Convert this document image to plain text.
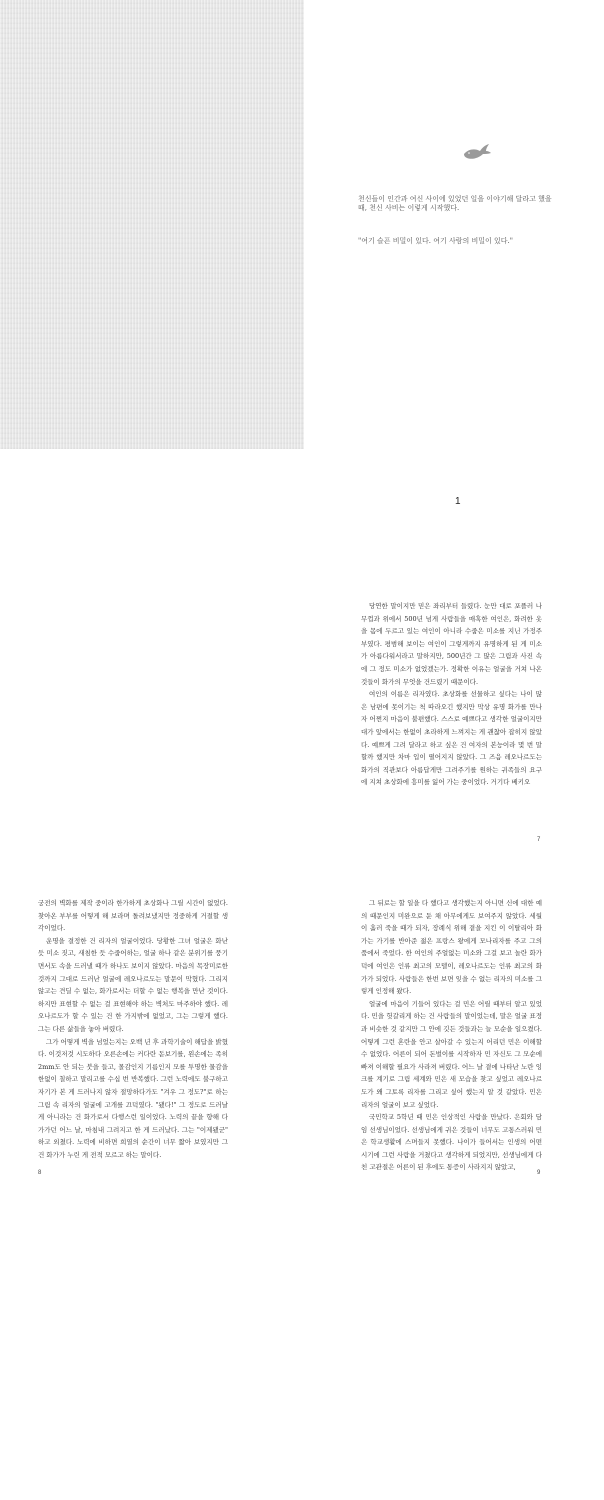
천신들이 인간과 여신 사이에 있었던 일을 이야기해 달라고 했을 때, 천신 사비는 이렇게 시작했다.

"여기 슬픈 비밀이 있다. 여기 사람의 비밀이 있다."

1

당연한 말이지만 믿은 좌리부터 들렸다. 눈만 대로 포플러 나무껍과 위에서 500년 넘게 사람들을 매혹한 여인은, 화려한 옷을 몸에 두르고 있는 여인이 아니라 수줍은 미소를 지닌 가정주부였다. 평범해 보이는 여인이 그렇게까지 유명하게 된 게 미소가 아름다워서라고 말하지만, 500년간 그 많은 그림과 사진 속에 그 정도 미소가 없었겠는가. 정확한 이유는 얼굴을 거쳐 나온 것들이 화가의 무엇을 건드렸기 때문이다.

여인의 이름은 리자였다. 초상화를 선물하고 싶다는 나이 많은 남편에 못이기는 척 따라오긴 했지만 막상 유명 화가를 만나자 어쩐지 마음이 불편했다. 스스로 예쁘다고 생각한 얼굴이지만 대가 앞에서는 한없이 초라하게 느껴지는 게 괜찮아 잡히지 않았다. 예쁘게 그려 달라고 하고 싶은 건 여자의 본능이라 몇 번 말할까 했지만 차마 입이 떨어지지 않았다. 그 즈음 레오나르도는 화가의 직관보다 아름답게만 그려주기를 원하는 귀족들의 요구에 지쳐 초상화에 흥미를 잃어 가는 중이었다. 거기다 베키오

7

궁전의 벽화를 제작 중이라 한가하게 초상화나 그릴 시간이 없었다. 찾아온 부부를 어떻게 해 보라며 돌려보냈지만 정중하게 거절할 생각이었다.

운명을 결정한 건 리자의 얼굴이었다. 당황한 그녀 얼굴은 화난 듯 미소 짓고, 새침한 듯 수줍어하는, 얼굴 하나 같은 분위기를 풍기면서도 속을 드러낼 때가 하나도 보이지 않았다. 마음의 목장미로한 것까지 그대로 드러난 얼굴에 레오나르도는 말문이 막혔다. 그리지 않고는 견딜 수 없는, 화가로서는 더할 수 없는 행복을 만난 것이다. 하지만 표현할 수 없는 걸 표현해야 하는 벽처도 마주하야 했다. 레오나르도가 할 수 있는 건 한 가지밖에 없었고, 그는 그렇게 했다. 그는 다른 삶들을 놓아 버렸다.

그가 어떻게 벽을 넘었는지는 오백 년 후 과학기술이 해답을 밝혔다. 이것저것 시도하다 오른손에는 커다란 돋보기를, 왼손에는 족히 2mm도 안 되는 붓을 들고, 몰감인지 기름인지 모를 투명한 물감을 한없이 칠하고 말리고를 수십 번 반복했다. 그런 노력에도 불구하고 자기가 본 게 드러나지 않자 절망하다가도 "겨우 그 정도?"로 하는 그림 속 리자의 얼굴에 고개를 끄덕였다. "됐다!" 그 정도로 드러날 게 아니라는 건 화가로서 다행스런 일이었다. 노력의 끝을 향해 다가가던 어느 날, 마침내 그려지고 한 게 드러났다. 그는 "이제됐군" 하고 외쳤다. 노력에 비하면 희열의 순간이 너무 짧아 보였지만 그건 화가가 누린 게 전적 모르고 하는 말이다.

8

그 뒤로는 할 일을 다 했다고 생각했는지 아니면 신에 대한 예의 때문인지 미완으로 둔 채 아무에게도 보여주지 않았다. 세월이 흘러 죽을 때가 되자, 장례식 위해 곁을 지킨 이 이탈리아 화가는 가기를 반아준 젊은 프랑스 왕에게 모나리자를 주고 그의 품에서 죽었다. 한 여인의 주얼없는 미소와 그걸 보고 놀란 화가 덕에 여인은 인류 최고의 모델이, 레오나르도는 인류 최고의 화가가 되었다. 사람들은 한번 보면 잊을 수 없는 리자의 미소를 그렇게 인정해 왔다.

얼굴에 마음이 기들어 있다는 걸 민은 어릴 때부터 알고 있었다. 민을 헛갈리게 하는 건 사람들의 말이었는데, 말은 얼굴 표정과 비슷한 것 같지만 그 안에 깃든 것들과는 늘 모순을 일으켰다. 어떻게 그런 혼란을 안고 살아갈 수 있는지 어리던 민은 이해할 수 없었다. 어른이 되어 돈벌이를 시작하자 민 자신도 그 모순에 빠져 이해할 필요가 사라져 버렸다. 어느 날 곁에 나타난 노란 잉크를 계기로 그림 세계와 민은 새 모습을 찾고 싶었고 레오나르도가 왜 그토록 리자를 그리고 싶어 했는지 알 것 같았다. 민은 리자의 얼굴이 보고 싶었다.

국민학교 5학년 때 민은 인상적인 사람을 만났다. 은회와 담임 선생님이었다. 선생님에게 귀은 것들이 너무도 고통스러워 민은 학교생활에 스며들지 못했다. 나이가 들어서는 인생의 어떤 시기에 그런 사람을 거쳤다고 생각하게 되었지만, 선생님에게 다친 고관절은 어른이 된 후에도 통증이 사라지지 않았고,

9
